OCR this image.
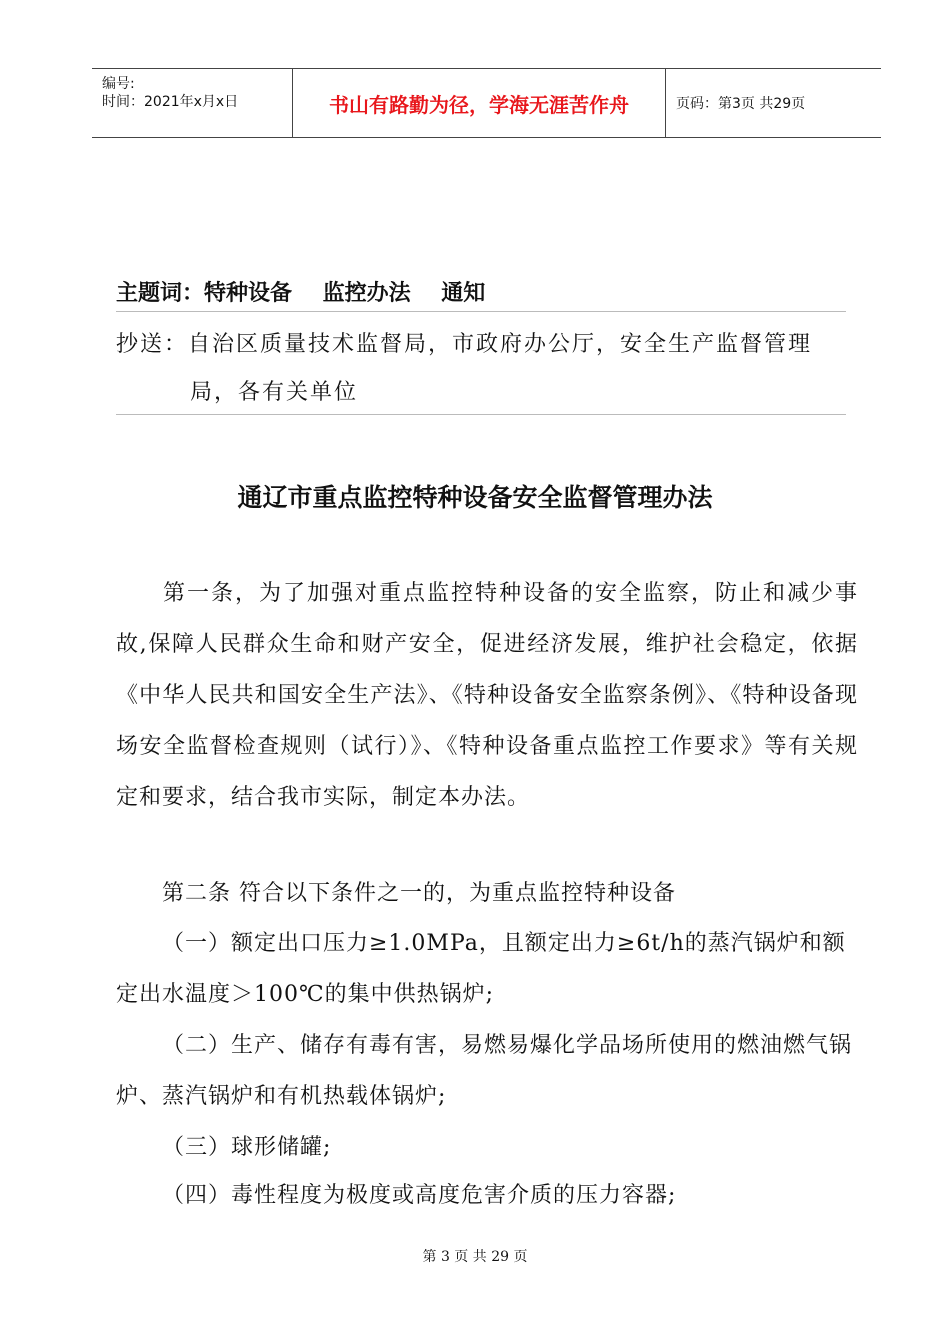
编号:
时间：2021年x月x日	书山有路勤为径，学海无涯苦作舟	页码：第3页 共29页
主题词：特种设备    监控办法    通知
抄送：自治区质量技术监督局，市政府办公厅，安全生产监督管理
局，各有关单位
通辽市重点监控特种设备安全监督管理办法
第一条，为了加强对重点监控特种设备的安全监察，防止和减少事故,保障人民群众生命和财产安全，促进经济发展，维护社会稳定，依据《中华人民共和国安全生产法》、《特种设备安全监察条例》、《特种设备现场安全监督检查规则（试行）》、《特种设备重点监控工作要求》等有关规定和要求，结合我市实际，制定本办法。
第二条 符合以下条件之一的，为重点监控特种设备
（一）额定出口压力≥1.0MPa，且额定出力≥6t/h的蒸汽锅炉和额定出水温度＞100℃的集中供热锅炉;
（二）生产、储存有毒有害，易燃易爆化学品场所使用的燃油燃气锅炉、蒸汽锅炉和有机热载体锅炉;
（三）球形储罐;
（四）毒性程度为极度或高度危害介质的压力容器;
第 3 页 共 29 页
